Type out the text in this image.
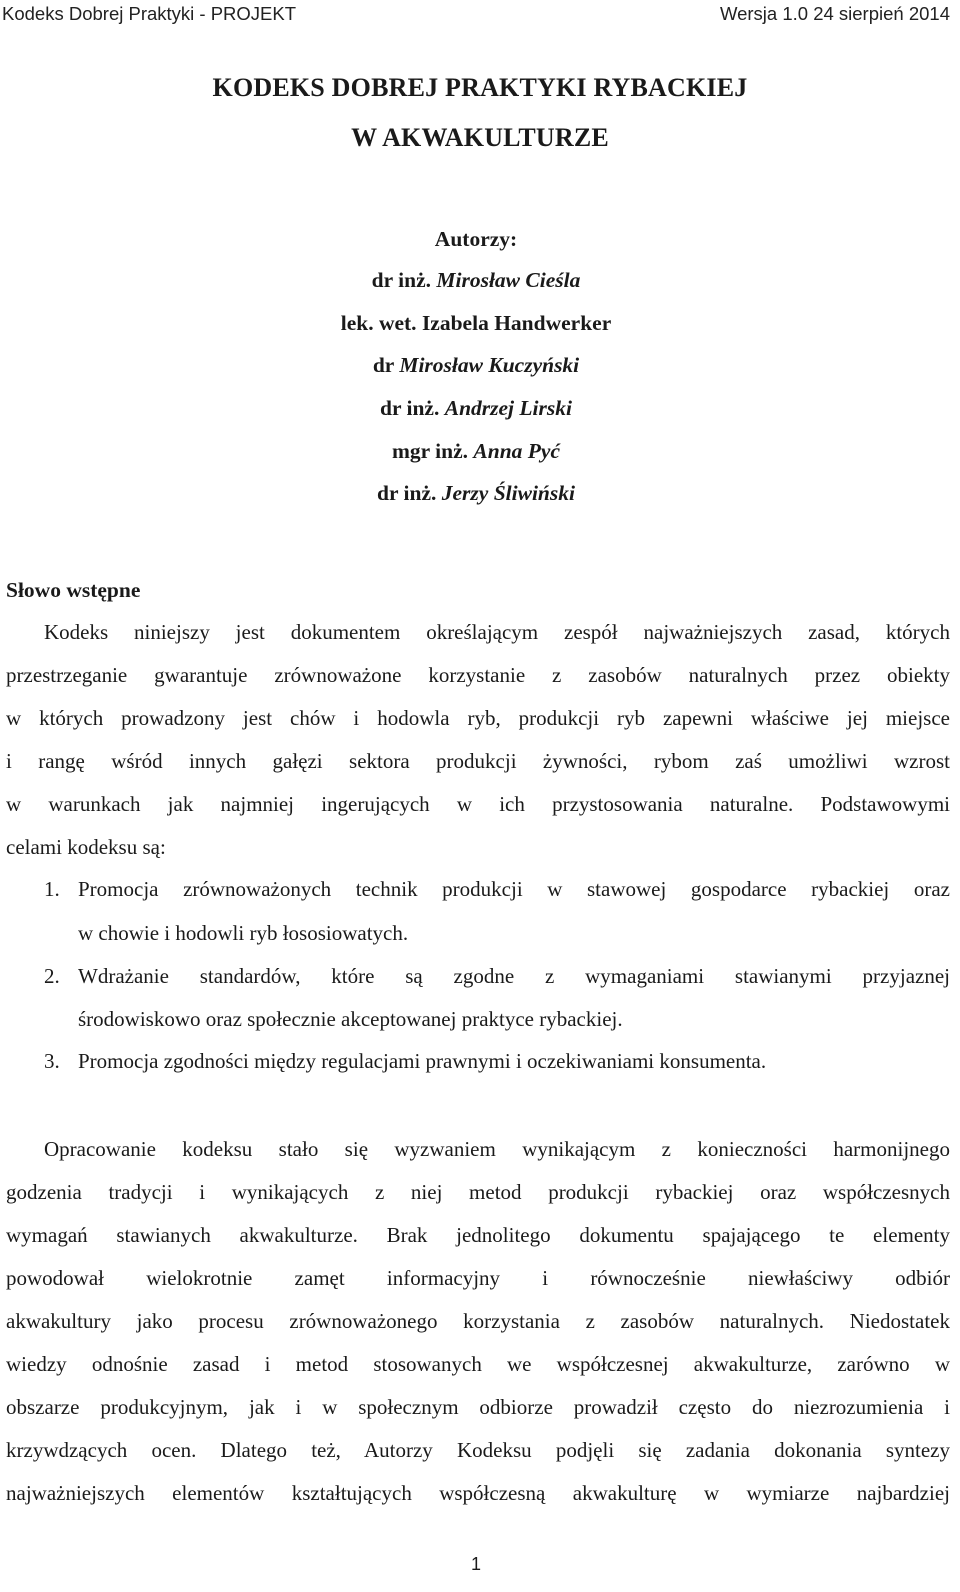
Kodeks Dobrej Praktyki - PROJEKT	Wersja 1.0 24 sierpień 2014
KODEKS DOBREJ PRAKTYKI RYBACKIEJ
W AKWAKULTURZE
Autorzy:
dr inż. Mirosław Cieśla
lek. wet. Izabela Handwerker
dr Mirosław Kuczyński
dr inż. Andrzej Lirski
mgr inż. Anna Pyć
dr inż. Jerzy Śliwiński
Słowo wstępne
Kodeks niniejszy jest dokumentem określającym zespół najważniejszych zasad, których
przestrzeganie gwarantuje zrównoważone korzystanie z zasobów naturalnych przez obiekty
w których prowadzony jest chów i hodowla ryb, produkcji ryb zapewni właściwe jej miejsce
i rangę wśród innych gałęzi sektora produkcji żywności, rybom zaś umożliwi wzrost
w warunkach jak najmniej ingerujących w ich przystosowania naturalne. Podstawowymi
celami kodeksu są:
1. Promocja zrównoważonych technik produkcji w stawowej gospodarce rybackiej oraz
w chowie i hodowli ryb łososiowatych.
2. Wdrażanie standardów, które są zgodne z wymaganiami stawianymi przyjaznej
środowiskowo oraz społecznie akceptowanej praktyce rybackiej.
3. Promocja zgodności między regulacjami prawnymi i oczekiwaniami konsumenta.
Opracowanie kodeksu stało się wyzwaniem wynikającym z konieczności harmonijnego
godzenia tradycji i wynikających z niej metod produkcji rybackiej oraz współczesnych
wymagań stawianych akwakulturze. Brak jednolitego dokumentu spajającego te elementy
powodował wielokrotnie zamęt informacyjny i równocześnie niewłaściwy odbiór
akwakultury jako procesu zrównoważonego korzystania z zasobów naturalnych. Niedostatek
wiedzy odnośnie zasad i metod stosowanych we współczesnej akwakulturze, zarówno w
obszarze produkcyjnym, jak i w społecznym odbiorze prowadził często do niezrozumienia i
krzywdzących ocen. Dlatego też, Autorzy Kodeksu podjęli się zadania dokonania syntezy
najważniejszych elementów kształtujących współczesną akwakulturę w wymiarze najbardziej
1
